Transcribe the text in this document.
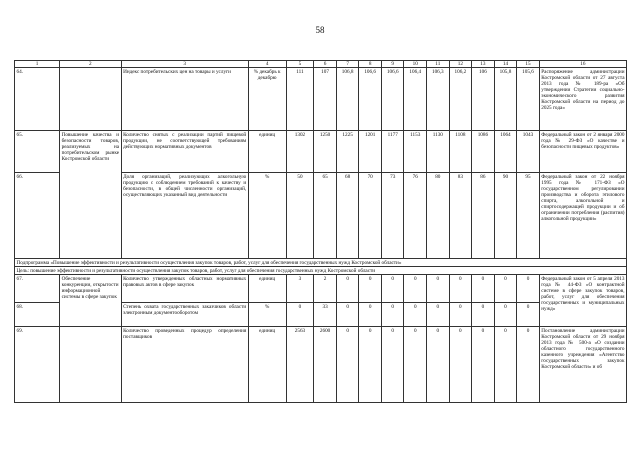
58
1	2	3	4	5	6	7	8	9	10	11	12	13	14	15	16
64.		Индекс потребительских цен на товары и услуги	% декабрь к декабрю	111	107	106,8	106,6	106,6	106,4	106,3	106,2	106	105,8	105,6	Распоряжение администрации Костромской области от 27 августа 2013 года № 189-ра «Об утверждении Стратегии социально-экономического развития Костромской области на период до 2025 года»
65.	Повышение качества и безопасности товаров, реализуемых на потребительском рынке Костромской области	Количество снятых с реализации партий пищевой продукции, не соответствующей требованиям действующих нормативных документов	единиц	1302	1250	1225	1201	1177	1153	1130	1108	1086	1064	1043	Федеральный закон от 2 января 2000 года № 29-ФЗ «О качестве и безопасности пищевых продуктов»
66.		Доля организаций, реализующих алкогольную продукцию с соблюдением требований к качеству и безопасности, в общей численности организаций, осуществляющих указанный вид деятельности	%	50	65	68	70	73	76	80	83	86	90	95	Федеральный закон от 22 ноября 1995 года № 171-ФЗ «О государственном регулировании производства и оборота этилового спирта, алкогольной и спиртосодержащей продукции и об ограничении потребления (распития) алкогольной продукции»
Подпрограмма «Повышение эффективности и результативности осуществления закупок товаров, работ, услуг для обеспечения государственных нужд Костромской области»															
Цель: повышение эффективности и результативности осуществления закупок товаров, работ, услуг для обеспечения государственных нужд Костромской области															
67.	Обеспечение конкуренции, открытости информационной системы в сфере закупок	Количество утвержденных областных нормативных правовых актов в сфере закупок	единиц	3	2	0	0	0	0	0	0	0	0	0	Федеральный закон от 5 апреля 2013 года № 44-ФЗ «О контрактной системе в сфере закупок товаров, работ, услуг для обеспечения государственных и муниципальных нужд»
68.		Степень охвата государственных заказчиков области электронным документооборотом	%	0	33	0	0	0	0	0	0	0	0	0	
69.		Количество проведенных процедур определения поставщиков	единиц	2563	2600	0	0	0	0	0	0	0	0	0	Постановление администрации Костромской области от 29 ноября 2013 года № 500-а «О создании областного государственного казенного учреждения «Агентство государственных закупок Костромской области» и об
